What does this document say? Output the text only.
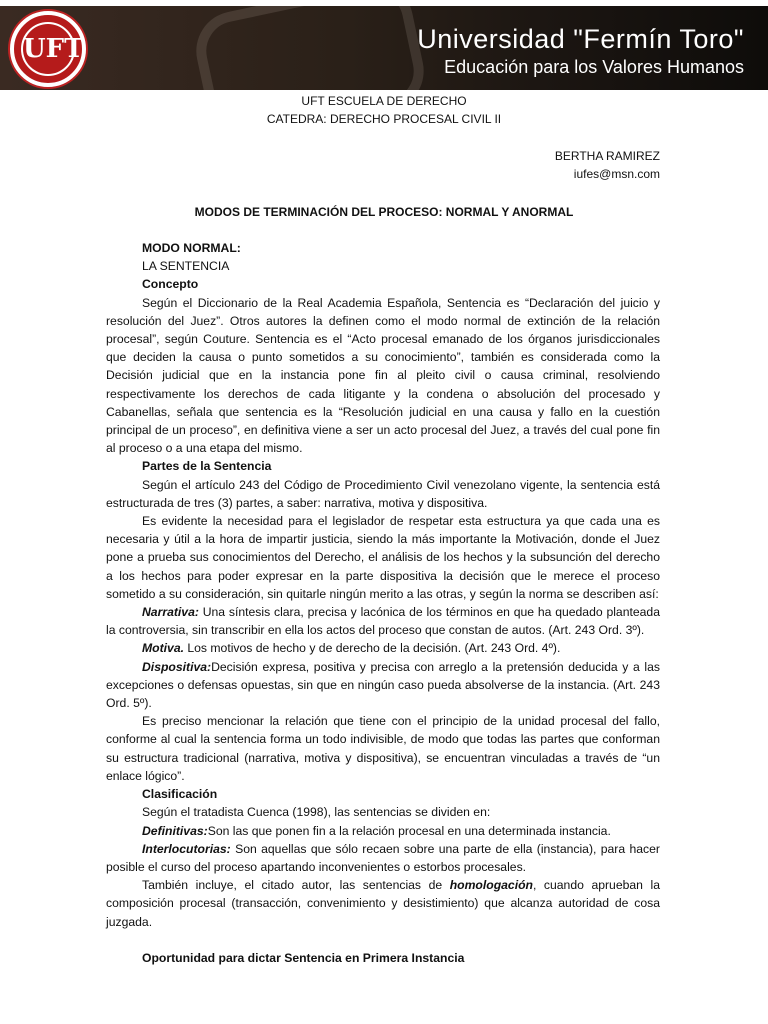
UFT	Universidad "Fermín Toro"
Educación para los Valores Humanos
UFT ESCUELA DE DERECHO
CATEDRA: DERECHO PROCESAL CIVIL II
BERTHA RAMIREZ
iufes@msn.com
MODOS DE TERMINACIÓN DEL PROCESO: NORMAL Y ANORMAL
MODO NORMAL:
LA SENTENCIA
Concepto
Según el Diccionario de la Real Academia Española, Sentencia es “Declaración del juicio y resolución del Juez”. Otros autores la definen como el modo normal de extinción de la relación procesal”, según Couture. Sentencia es el “Acto procesal emanado de los órganos jurisdiccionales que deciden la causa o punto sometidos a su conocimiento”, también es considerada como la Decisión judicial que en la instancia pone fin al pleito civil o causa criminal, resolviendo respectivamente los derechos de cada litigante y la condena o absolución del procesado y Cabanellas, señala que sentencia es la “Resolución judicial en una causa y fallo en la cuestión principal de un proceso”, en definitiva viene a ser un acto procesal del Juez, a través del cual pone fin al proceso o a una etapa del mismo.
Partes de la Sentencia
Según el artículo 243 del Código de Procedimiento Civil venezolano vigente, la sentencia está estructurada de tres (3) partes, a saber: narrativa, motiva y dispositiva.
Es evidente la necesidad para el legislador de respetar esta estructura ya que cada una es necesaria y útil a la hora de impartir justicia, siendo la más importante la Motivación, donde el Juez pone a prueba sus conocimientos del Derecho, el análisis de los hechos y la subsunción del derecho a los hechos para poder expresar en la parte dispositiva la decisión que le merece el proceso sometido a su consideración, sin quitarle ningún merito a las otras, y según la norma se describen así:
Narrativa: Una síntesis clara, precisa y lacónica de los términos en que ha quedado planteada la controversia, sin transcribir en ella los actos del proceso que constan de autos. (Art. 243 Ord. 3º).
Motiva. Los motivos de hecho y de derecho de la decisión. (Art. 243 Ord. 4º).
Dispositiva:Decisión expresa, positiva y precisa con arreglo a la pretensión deducida y a las excepciones o defensas opuestas, sin que en ningún caso pueda absolverse de la instancia. (Art. 243 Ord. 5º).
Es preciso mencionar la relación que tiene con el principio de la unidad procesal del fallo, conforme al cual la sentencia forma un todo indivisible, de modo que todas las partes que conforman su estructura tradicional (narrativa, motiva y dispositiva), se encuentran vinculadas a través de “un enlace lógico”.
Clasificación
Según el tratadista Cuenca (1998), las sentencias se dividen en:
Definitivas:Son las que ponen fin a la relación procesal en una determinada instancia.
Interlocutorias: Son aquellas que sólo recaen sobre una parte de ella (instancia), para hacer posible el curso del proceso apartando inconvenientes o estorbos procesales.
También incluye, el citado autor, las sentencias de homologación, cuando aprueban la composición procesal (transacción, convenimiento y desistimiento) que alcanza autoridad de cosa juzgada.
Oportunidad para dictar Sentencia en Primera Instancia
